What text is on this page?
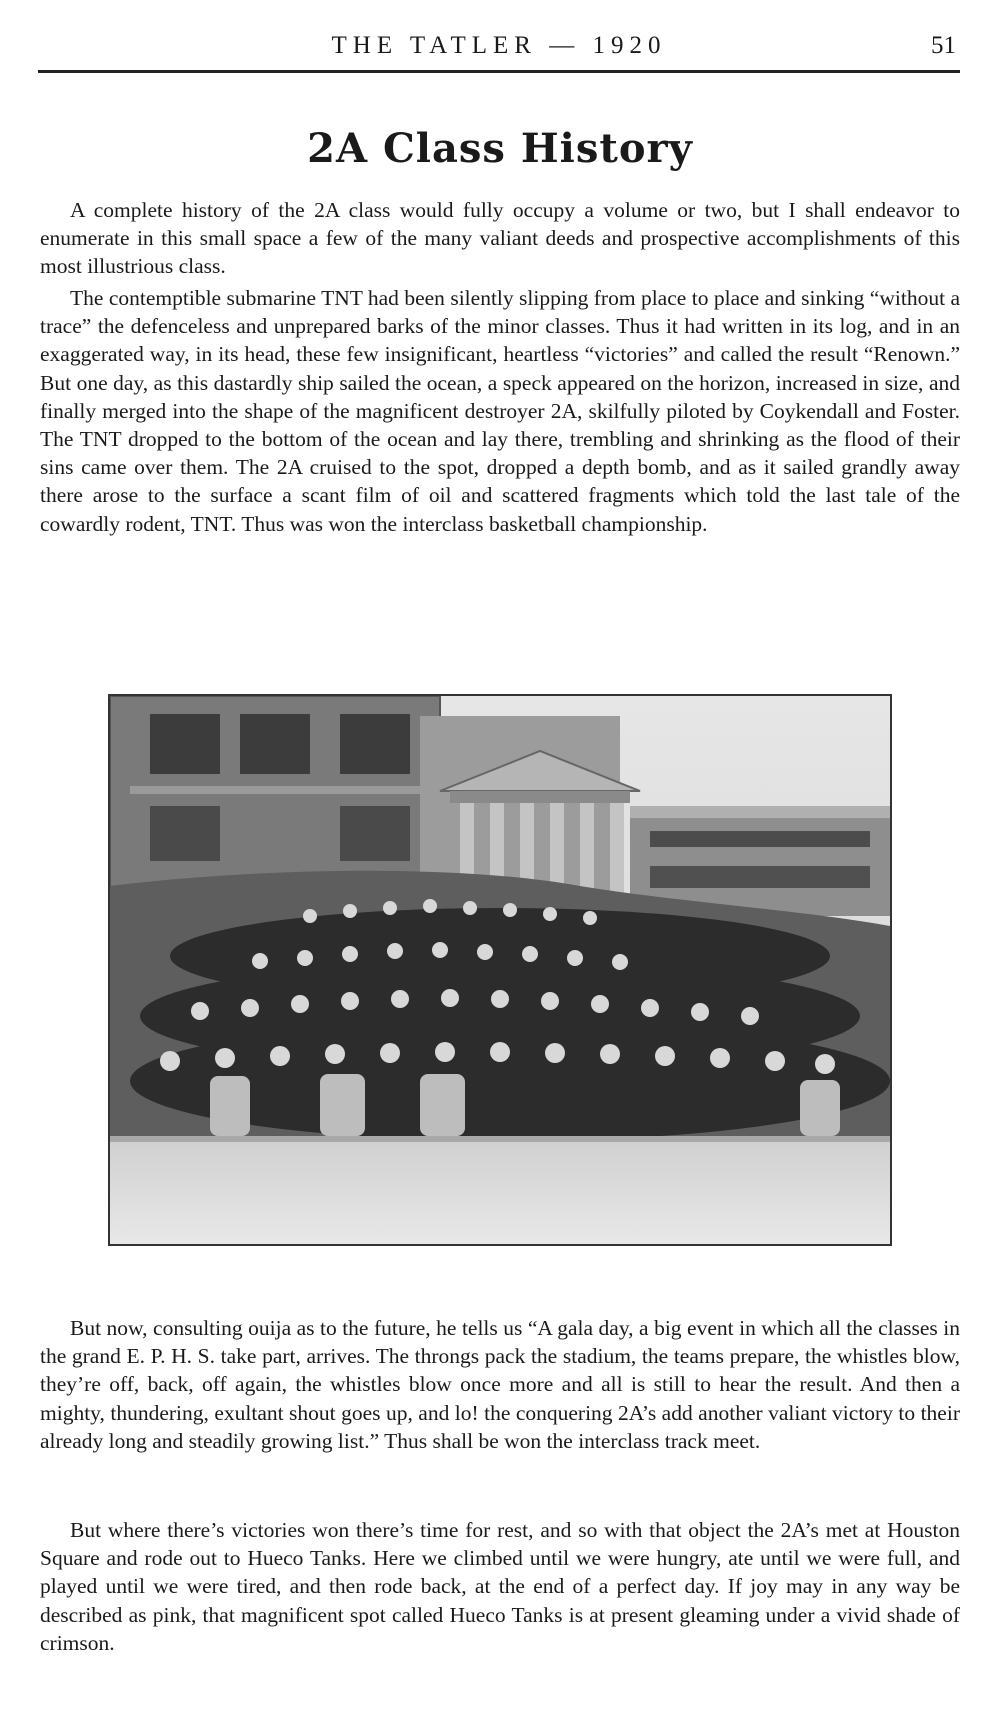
THE TATLER — 1920	51
2A Class History

A complete history of the 2A class would fully occupy a volume or two, but I shall endeavor to enumerate in this small space a few of the many valiant deeds and prospective accomplishments of this most illustrious class.

The contemptible submarine TNT had been silently slipping from place to place and sinking “without a trace” the defenceless and unprepared barks of the minor classes. Thus it had written in its log, and in an exaggerated way, in its head, these few insignificant, heartless “victories” and called the result “Renown.” But one day, as this dastardly ship sailed the ocean, a speck appeared on the horizon, increased in size, and finally merged into the shape of the magnificent destroyer 2A, skilfully piloted by Coykendall and Foster. The TNT dropped to the bottom of the ocean and lay there, trembling and shrinking as the flood of their sins came over them. The 2A cruised to the spot, dropped a depth bomb, and as it sailed grandly away there arose to the surface a scant film of oil and scattered fragments which told the last tale of the cowardly rodent, TNT. Thus was won the interclass basketball championship.

But now, consulting ouija as to the future, he tells us “A gala day, a big event in which all the classes in the grand E. P. H. S. take part, arrives. The throngs pack the stadium, the teams prepare, the whistles blow, they’re off, back, off again, the whistles blow once more and all is still to hear the result. And then a mighty, thundering, exultant shout goes up, and lo! the conquering 2A’s add another valiant victory to their already long and steadily growing list.” Thus shall be won the interclass track meet.

But where there’s victories won there’s time for rest, and so with that object the 2A’s met at Houston Square and rode out to Hueco Tanks. Here we climbed until we were hungry, ate until we were full, and played until we were tired, and then rode back, at the end of a perfect day. If joy may in any way be described as pink, that magnificent spot called Hueco Tanks is at present gleaming under a vivid shade of crimson.
